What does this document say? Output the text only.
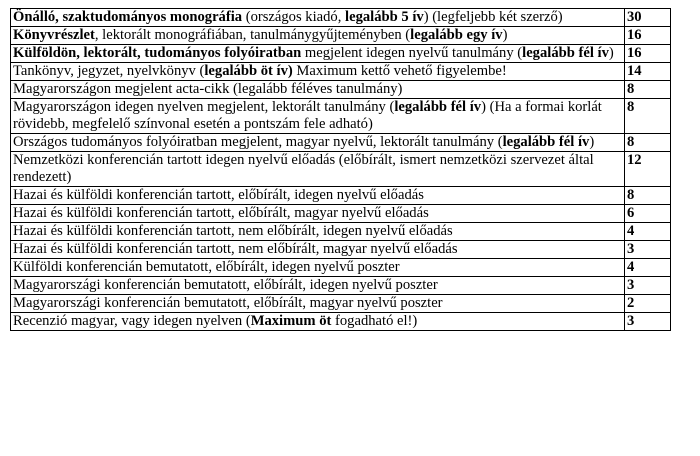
Önálló, szaktudományos monográfia (országos kiadó, legalább 5 ív) (legfeljebb két szerző)	30
Könyvrészlet, lektorált monográfiában, tanulmánygyűjteményben (legalább egy ív)	16
Külföldön, lektorált, tudományos folyóiratban megjelent idegen nyelvű tanulmány (legalább fél ív)	16
Tankönyv, jegyzet, nyelvkönyv (legalább öt ív) Maximum kettő vehető figyelembe!	14
Magyarországon megjelent acta-cikk (legalább féléves tanulmány)	8
Magyarországon idegen nyelven megjelent, lektorált tanulmány (legalább fél ív) (Ha a formai korlát rövidebb, megfelelő színvonal esetén a pontszám fele adható)	8
Országos tudományos folyóiratban megjelent, magyar nyelvű, lektorált tanulmány (legalább fél ív)	8
Nemzetközi konferencián tartott idegen nyelvű előadás (előbírált, ismert nemzetközi szervezet által rendezett)	12
Hazai és külföldi konferencián tartott, előbírált, idegen nyelvű előadás	8
Hazai és külföldi konferencián tartott, előbírált, magyar nyelvű előadás	6
Hazai és külföldi konferencián tartott, nem előbírált, idegen nyelvű előadás	4
Hazai és külföldi konferencián tartott, nem előbírált, magyar nyelvű előadás	3
Külföldi konferencián bemutatott, előbírált, idegen nyelvű poszter	4
Magyarországi konferencián bemutatott, előbírált, idegen nyelvű poszter	3
Magyarországi konferencián bemutatott, előbírált, magyar nyelvű poszter	2
Recenzió magyar, vagy idegen nyelven (Maximum öt fogadható el!)	3
